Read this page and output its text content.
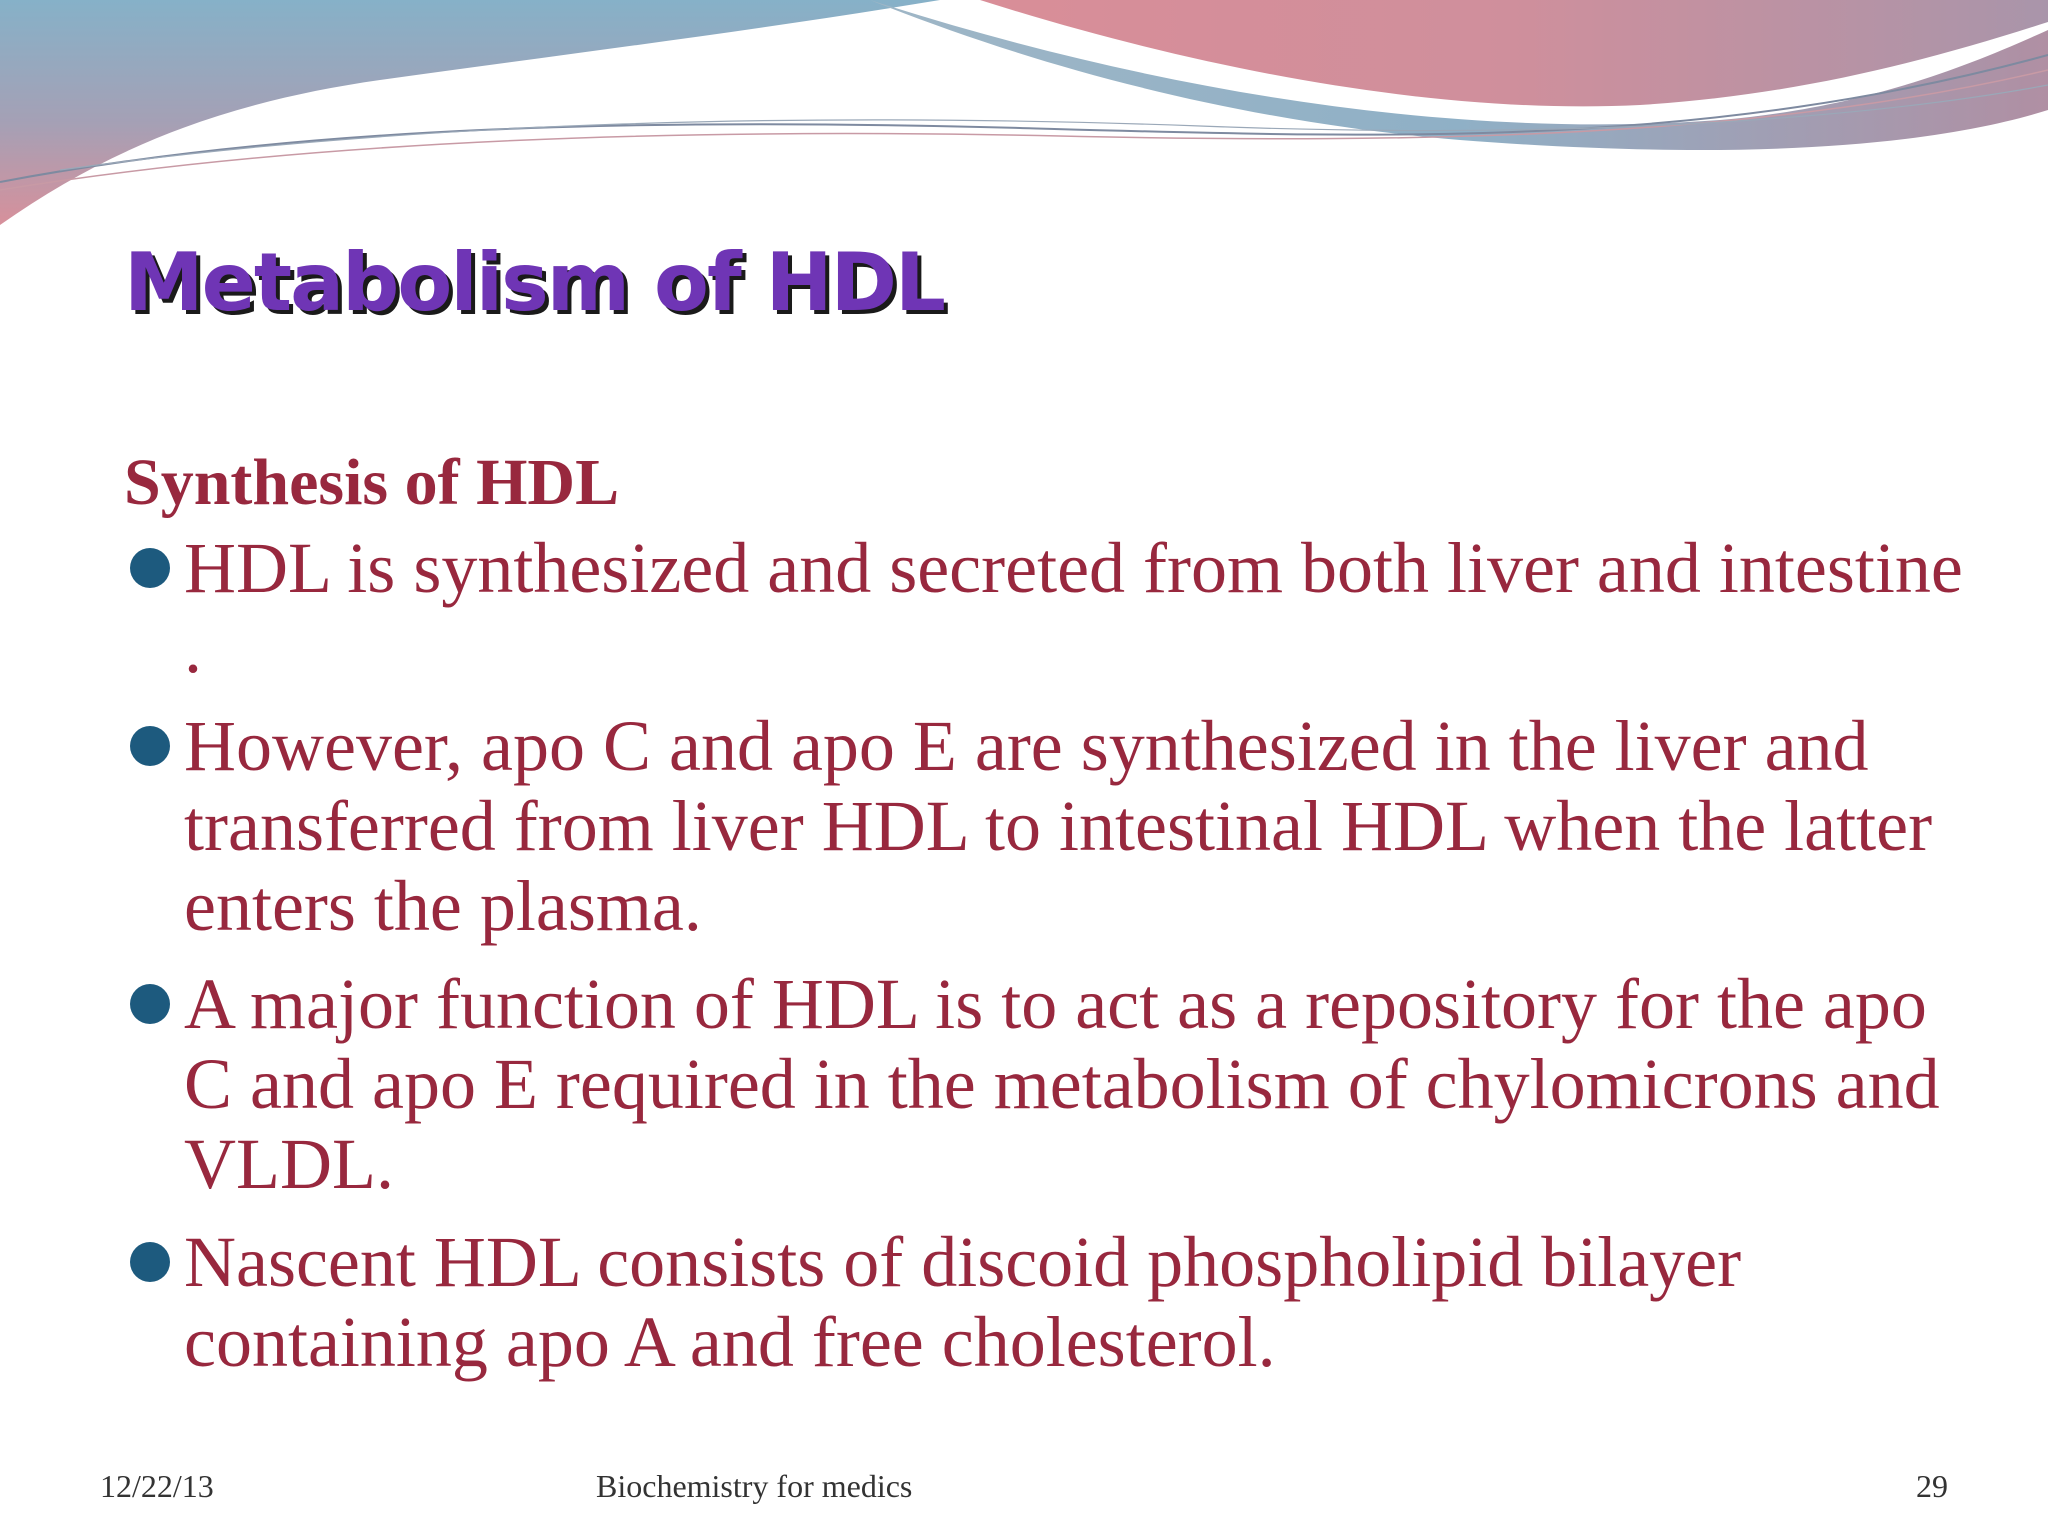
Metabolism of HDL
Synthesis of HDL
HDL is synthesized and secreted from both liver and intestine .
However, apo C and apo E are synthesized in the liver and transferred from liver HDL to intestinal HDL when the latter enters the plasma.
A major function of HDL is to act as a repository for the apo C and apo E required in the metabolism of chylomicrons and VLDL.
Nascent HDL consists of discoid phospholipid bilayer containing apo A and free cholesterol.
12/22/13	Biochemistry for medics	29
